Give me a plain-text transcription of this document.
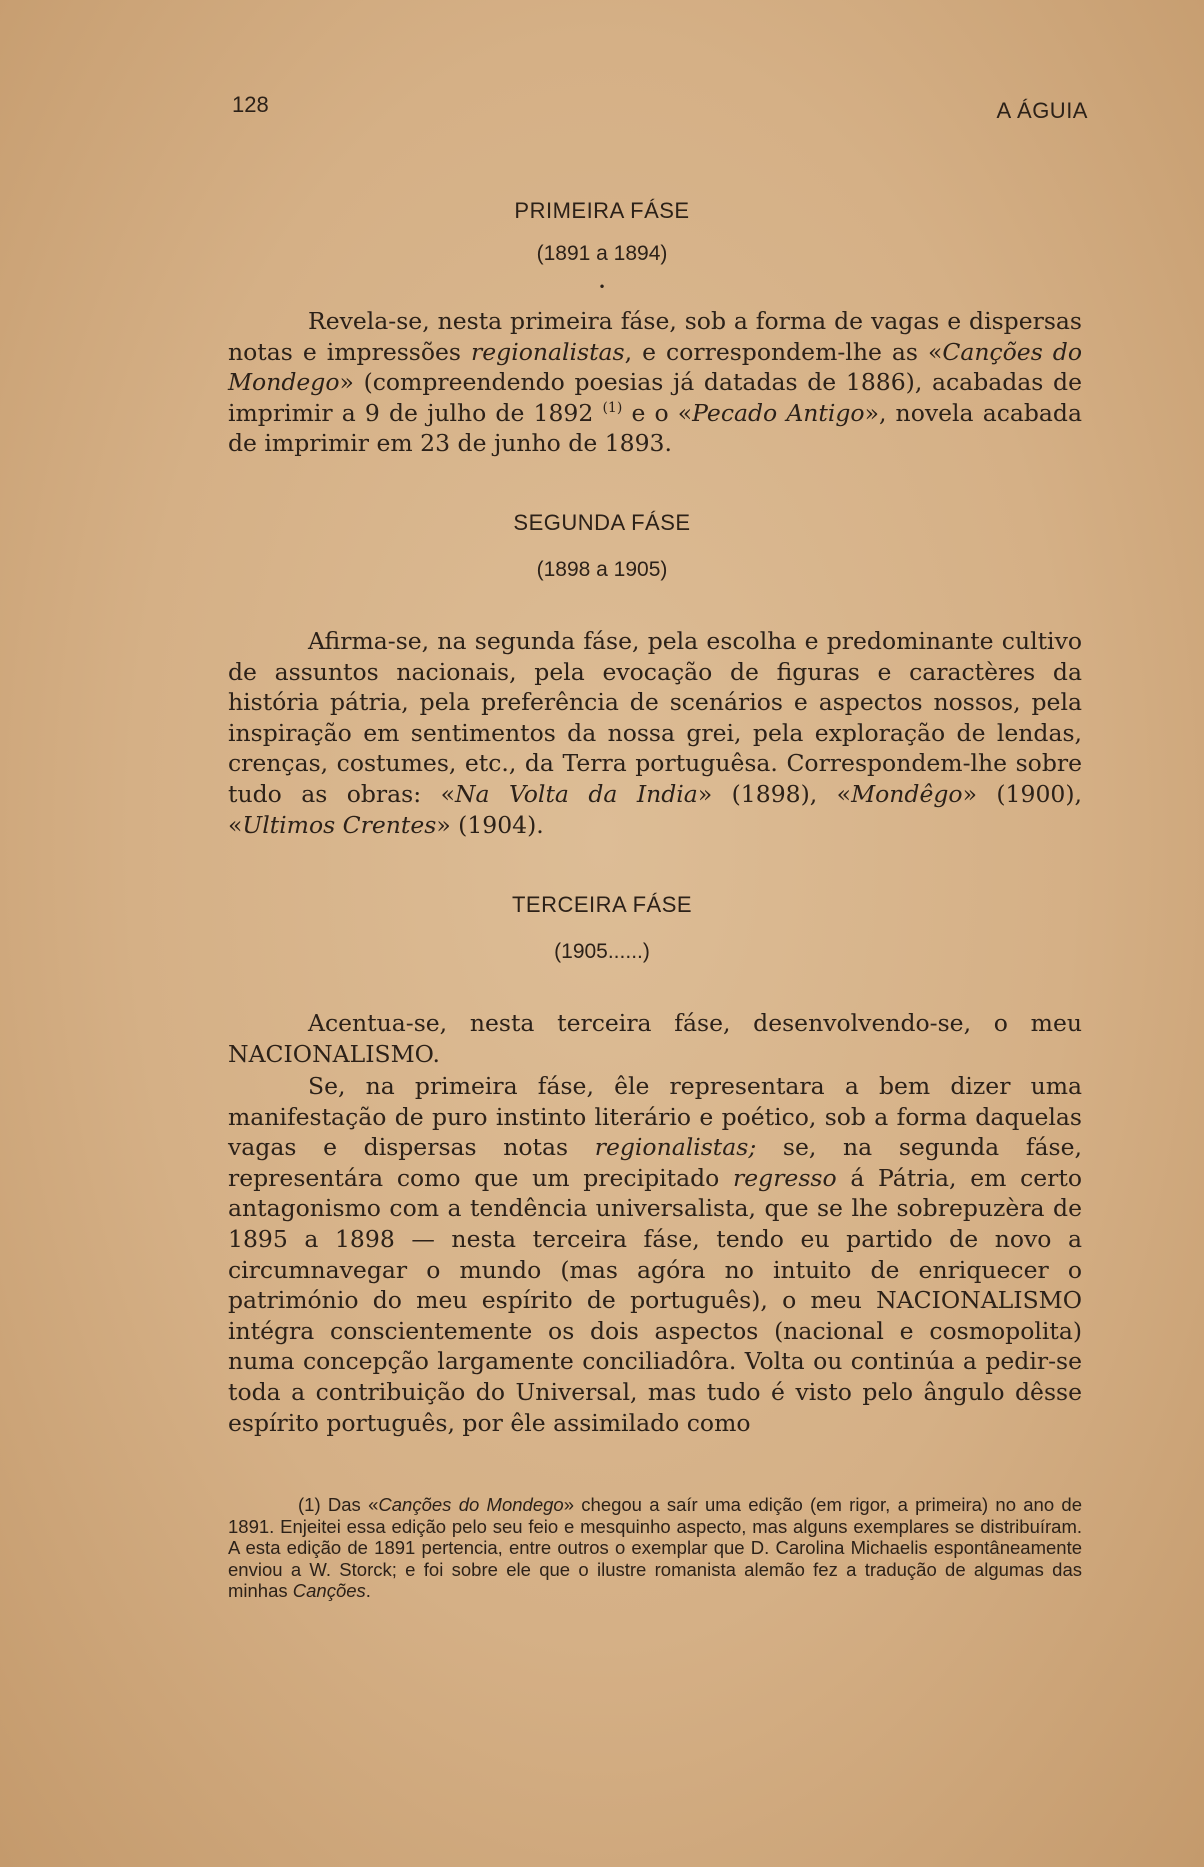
128	A ÁGUIA
PRIMEIRA FÁSE
(1891 a 1894)
•

Revela-se, nesta primeira fáse, sob a forma de vagas e dispersas notas e impressões regionalistas, e correspondem-lhe as «Canções do Mondego» (compreendendo poesias já datadas de 1886), acabadas de imprimir a 9 de julho de 1892 $^{(1)}$ e o «Pecado Antigo», novela acabada de imprimir em 23 de junho de 1893.

SEGUNDA FÁSE
(1898 a 1905)

Afirma-se, na segunda fáse, pela escolha e predominante cultivo de assuntos nacionais, pela evocação de figuras e caractères da história pátria, pela preferência de scenários e aspectos nossos, pela inspiração em sentimentos da nossa grei, pela exploração de lendas, crenças, costumes, etc., da Terra portuguêsa. Correspondem-lhe sobre tudo as obras: «Na Volta da India» (1898), «Mondêgo» (1900), «Ultimos Crentes» (1904).

TERCEIRA FÁSE
(1905......)

Acentua-se, nesta terceira fáse, desenvolvendo-se, o meu NACIONALISMO.

Se, na primeira fáse, êle representara a bem dizer uma manifestação de puro instinto literário e poético, sob a forma daquelas vagas e dispersas notas regionalistas; se, na segunda fáse, representára como que um precipitado regresso á Pátria, em certo antagonismo com a tendência universalista, que se lhe sobrepuzèra de 1895 a 1898 — nesta terceira fáse, tendo eu partido de novo a circumnavegar o mundo (mas agóra no intuito de enriquecer o património do meu espírito de português), o meu NACIONALISMO intégra conscientemente os dois aspectos (nacional e cosmopolita) numa concepção largamente conciliadôra. Volta ou continúa a pedir-se toda a contribuição do Universal, mas tudo é visto pelo ângulo dêsse espírito português, por êle assimilado como

(1) Das «Canções do Mondego» chegou a saír uma edição (em rigor, a primeira) no ano de 1891. Enjeitei essa edição pelo seu feio e mesquinho aspecto, mas alguns exemplares se distribuíram. A esta edição de 1891 pertencia, entre outros o exemplar que D. Carolina Michaelis espontâneamente enviou a W. Storck; e foi sobre ele que o ilustre romanista alemão fez a tradução de algumas das minhas Canções.
